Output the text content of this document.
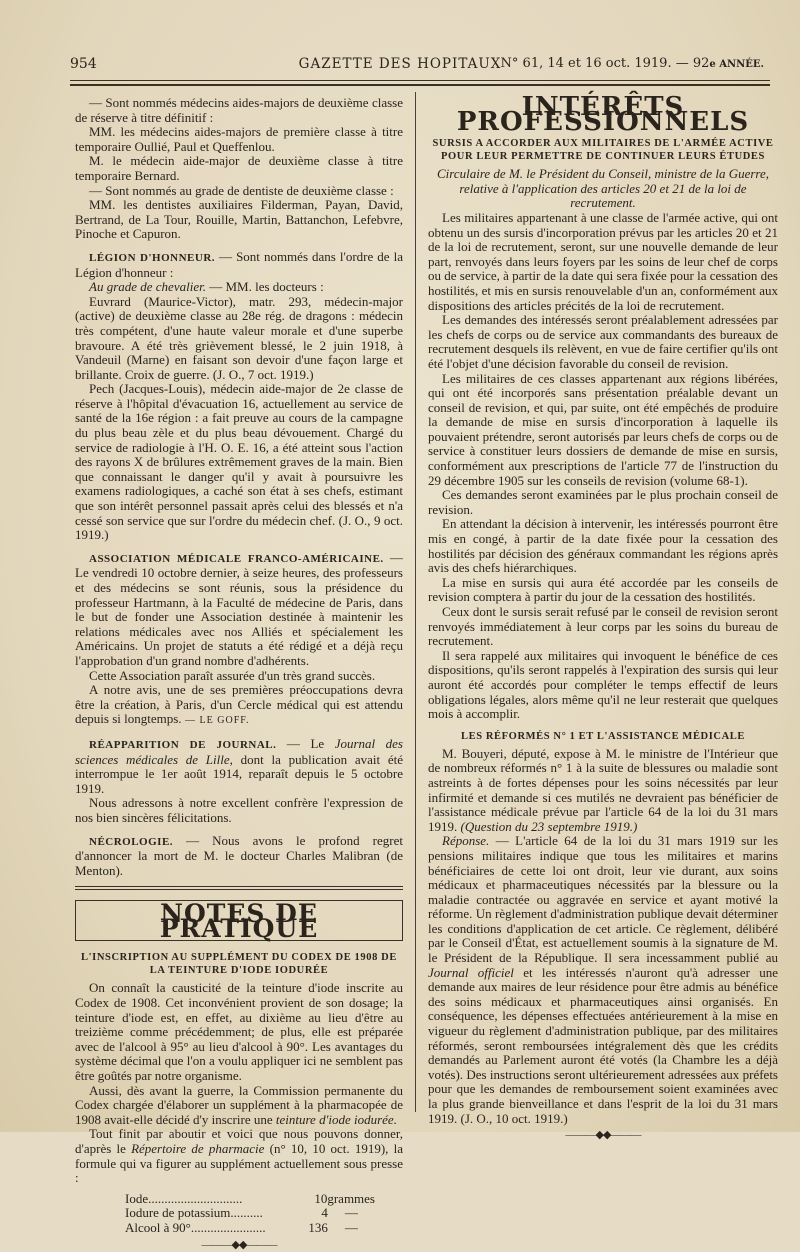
954	GAZETTE DES HOPITAUX N° 61, 14 et 16 oct. 1919. — 92e ANNÉE.

— Sont nommés médecins aides-majors de deuxième classe de réserve à titre définitif :

MM. les médecins aides-majors de première classe à titre temporaire Oullié, Paul et Queffenlou.

M. le médecin aide-major de deuxième classe à titre temporaire Bernard.

— Sont nommés au grade de dentiste de deuxième classe :

MM. les dentistes auxiliaires Filderman, Payan, David, Bertrand, de La Tour, Rouille, Martin, Battanchon, Lefebvre, Pinoche et Capuron.

LÉGION D'HONNEUR. — Sont nommés dans l'ordre de la Légion d'honneur :

Au grade de chevalier. — MM. les docteurs :

Euvrard (Maurice-Victor), matr. 293, médecin-major (active) de deuxième classe au 28e rég. de dragons : médecin très compétent, d'une haute valeur morale et d'une superbe bravoure. A été très grièvement blessé, le 2 juin 1918, à Vandeuil (Marne) en faisant son devoir d'une façon large et brillante. Croix de guerre. (J. O., 7 oct. 1919.)

Pech (Jacques-Louis), médecin aide-major de 2e classe de réserve à l'hôpital d'évacuation 16, actuellement au service de santé de la 16e région : a fait preuve au cours de la campagne du plus beau zèle et du plus beau dévouement. Chargé du service de radiologie à l'H. O. E. 16, a été atteint sous l'action des rayons X de brûlures extrêmement graves de la main. Bien que connaissant le danger qu'il y avait à poursuivre les examens radiologiques, a caché son état à ses chefs, estimant que son intérêt personnel passait après celui des blessés et n'a cessé son service que sur l'ordre du médecin chef. (J. O., 9 oct. 1919.)

ASSOCIATION MÉDICALE FRANCO-AMÉRICAINE. — Le vendredi 10 octobre dernier, à seize heures, des professeurs et des médecins se sont réunis, sous la présidence du professeur Hartmann, à la Faculté de médecine de Paris, dans le but de fonder une Association destinée à maintenir les relations médicales avec nos Alliés et spécialement les Américains. Un projet de statuts a été rédigé et a déjà reçu l'approbation d'un grand nombre d'adhérents.

Cette Association paraît assurée d'un très grand succès.

A notre avis, une de ses premières préoccupations devra être la création, à Paris, d'un Cercle médical qui est attendu depuis si longtemps. — LE GOFF.

RÉAPPARITION DE JOURNAL. — Le Journal des sciences médicales de Lille, dont la publication avait été interrompue le 1er août 1914, reparaît depuis le 5 octobre 1919.

Nous adressons à notre excellent confrère l'expression de nos bien sincères félicitations.

NÉCROLOGIE. — Nous avons le profond regret d'annoncer la mort de M. le docteur Charles Malibran (de Menton).

NOTES DE PRATIQUE
L'INSCRIPTION AU SUPPLÉMENT DU CODEX DE 1908 DE LA TEINTURE D'IODE IODURÉE

On connaît la causticité de la teinture d'iode inscrite au Codex de 1908. Cet inconvénient provient de son dosage; la teinture d'iode est, en effet, au dixième au lieu d'être au treizième comme précédemment; de plus, elle est préparée avec de l'alcool à 95° au lieu d'alcool à 90°. Les avantages du système décimal que l'on a voulu appliquer ici ne semblent pas être goûtés par notre organisme.

Aussi, dès avant la guerre, la Commission permanente du Codex chargée d'élaborer un supplément à la pharmacopée de 1908 avait-elle décidé d'y inscrire une teinture d'iode iodurée.

Tout finit par aboutir et voici que nous pouvons donner, d'après le Répertoire de pharmacie (n° 10, 10 oct. 1919), la formule qui va figurer au supplément actuellement sous presse :

Iode.............................	10 grammes
Iodure de potassium..........	4	—
Alcool à 90°.......................	136	—
———◆◆———
INTÉRÊTS PROFESSIONNELS
SURSIS A ACCORDER AUX MILITAIRES DE L'ARMÉE ACTIVE POUR LEUR PERMETTRE DE CONTINUER LEURS ÉTUDES

Circulaire de M. le Président du Conseil, ministre de la Guerre, relative à l'application des articles 20 et 21 de la loi de recrutement.

Les militaires appartenant à une classe de l'armée active, qui ont obtenu un des sursis d'incorporation prévus par les articles 20 et 21 de la loi de recrutement, seront, sur une nouvelle demande de leur part, renvoyés dans leurs foyers par les soins de leur chef de corps ou de service, à partir de la date qui sera fixée pour la cessation des hostilités, et mis en sursis renouvelable d'un an, conformément aux dispositions des articles précités de la loi de recrutement.

Les demandes des intéressés seront préalablement adressées par les chefs de corps ou de service aux commandants des bureaux de recrutement desquels ils relèvent, en vue de faire certifier qu'ils ont été l'objet d'une décision favorable du conseil de revision.

Les militaires de ces classes appartenant aux régions libérées, qui ont été incorporés sans présentation préalable devant un conseil de revision, et qui, par suite, ont été empêchés de produire la demande de mise en sursis d'incorporation à laquelle ils pouvaient prétendre, seront autorisés par leurs chefs de corps ou de service à constituer leurs dossiers de demande de mise en sursis, conformément aux prescriptions de l'article 77 de l'instruction du 29 décembre 1905 sur les conseils de revision (volume 68-1).

Ces demandes seront examinées par le plus prochain conseil de revision.

En attendant la décision à intervenir, les intéressés pourront être mis en congé, à partir de la date fixée pour la cessation des hostilités par décision des généraux commandant les régions après avis des chefs hiérarchiques.

La mise en sursis qui aura été accordée par les conseils de revision comptera à partir du jour de la cessation des hostilités.

Ceux dont le sursis serait refusé par le conseil de revision seront renvoyés immédiatement à leur corps par les soins du bureau de recrutement.

Il sera rappelé aux militaires qui invoquent le bénéfice de ces dispositions, qu'ils seront rappelés à l'expiration des sursis qui leur auront été accordés pour compléter le temps effectif de leurs obligations légales, alors même qu'il ne leur resterait que quelques mois à accomplir.

LES RÉFORMÉS N° 1 ET L'ASSISTANCE MÉDICALE

M. Bouyeri, député, expose à M. le ministre de l'Intérieur que de nombreux réformés n° 1 à la suite de blessures ou maladie sont astreints à de fortes dépenses pour les soins nécessités par leur infirmité et demande si ces mutilés ne devraient pas bénéficier de l'assistance médicale prévue par l'article 64 de la loi du 31 mars 1919. (Question du 23 septembre 1919.)

Réponse. — L'article 64 de la loi du 31 mars 1919 sur les pensions militaires indique que tous les militaires et marins bénéficiaires de cette loi ont droit, leur vie durant, aux soins médicaux et pharmaceutiques nécessités par la blessure ou la maladie contractée ou aggravée en service et ayant motivé la réforme. Un règlement d'administration publique devait déterminer les conditions d'application de cet article. Ce règlement, délibéré par le Conseil d'État, est actuellement soumis à la signature de M. le Président de la République. Il sera incessamment publié au Journal officiel et les intéressés n'auront qu'à adresser une demande aux maires de leur résidence pour être admis au bénéfice des soins médicaux et pharmaceutiques ainsi organisés. En conséquence, les dépenses effectuées antérieurement à la mise en vigueur du règlement d'administration publique, par des militaires réformés, seront remboursées intégralement dès que les crédits demandés au Parlement auront été votés (la Chambre les a déjà votés). Des instructions seront ultérieurement adressées aux préfets pour que les demandes de remboursement soient examinées avec la plus grande bienveillance et dans l'esprit de la loi du 31 mars 1919. (J. O., 10 oct. 1919.)

———◆◆———
